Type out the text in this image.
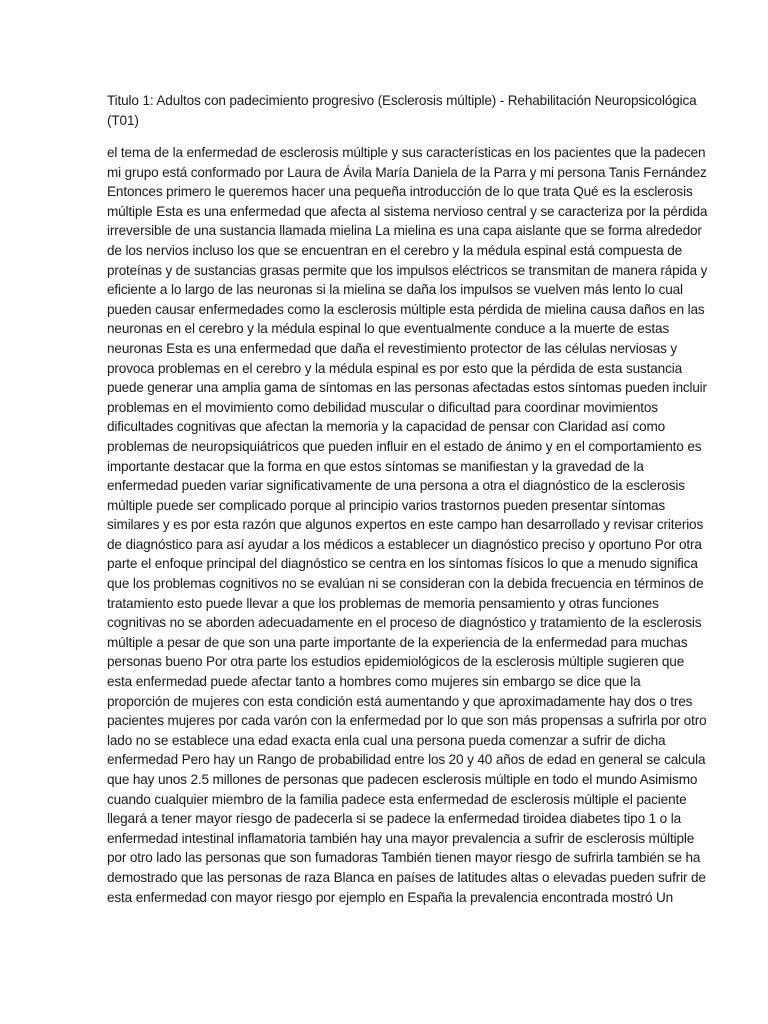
Titulo 1: Adultos con padecimiento progresivo (Esclerosis múltiple) - Rehabilitación Neuropsicológica
(T01)
el tema de la enfermedad de esclerosis múltiple y sus características en los pacientes que la padecen
mi grupo está conformado por Laura de Ávila María Daniela de la Parra y mi persona Tanis Fernández
Entonces primero le queremos hacer una pequeña introducción de lo que trata Qué es la esclerosis
múltiple Esta es una enfermedad que afecta al sistema nervioso central y se caracteriza por la pérdida
irreversible de una sustancia llamada mielina La mielina es una capa aislante que se forma alrededor
de los nervios incluso los que se encuentran en el cerebro y la médula espinal está compuesta de
proteínas y de sustancias grasas permite que los impulsos eléctricos se transmitan de manera rápida y
eficiente a lo largo de las neuronas si la mielina se daña los impulsos se vuelven más lento lo cual
pueden causar enfermedades como la esclerosis múltiple esta pérdida de mielina causa daños en las
neuronas en el cerebro y la médula espinal lo que eventualmente conduce a la muerte de estas
neuronas Esta es una enfermedad que daña el revestimiento protector de las células nerviosas y
provoca problemas en el cerebro y la médula espinal es por esto que la pérdida de esta sustancia
puede generar una amplia gama de síntomas en las personas afectadas estos síntomas pueden incluir
problemas en el movimiento como debilidad muscular o dificultad para coordinar movimientos
dificultades cognitivas que afectan la memoria y la capacidad de pensar con Claridad así como
problemas de neuropsiquiátricos que pueden influir en el estado de ánimo y en el comportamiento es
importante destacar que la forma en que estos síntomas se manifiestan y la gravedad de la
enfermedad pueden variar significativamente de una persona a otra el diagnóstico de la esclerosis
múltiple puede ser complicado porque al principio varios trastornos pueden presentar síntomas
similares y es por esta razón que algunos expertos en este campo han desarrollado y revisar criterios
de diagnóstico para así ayudar a los médicos a establecer un diagnóstico preciso y oportuno Por otra
parte el enfoque principal del diagnóstico se centra en los síntomas físicos lo que a menudo significa
que los problemas cognitivos no se evalúan ni se consideran con la debida frecuencia en términos de
tratamiento esto puede llevar a que los problemas de memoria pensamiento y otras funciones
cognitivas no se aborden adecuadamente en el proceso de diagnóstico y tratamiento de la esclerosis
múltiple a pesar de que son una parte importante de la experiencia de la enfermedad para muchas
personas bueno Por otra parte los estudios epidemiológicos de la esclerosis múltiple sugieren que
esta enfermedad puede afectar tanto a hombres como mujeres sin embargo se dice que la
proporción de mujeres con esta condición está aumentando y que aproximadamente hay dos o tres
pacientes mujeres por cada varón con la enfermedad por lo que son más propensas a sufrirla por otro
lado no se establece una edad exacta enla cual una persona pueda comenzar a sufrir de dicha
enfermedad Pero hay un Rango de probabilidad entre los 20 y 40 años de edad en general se calcula
que hay unos 2.5 millones de personas que padecen esclerosis múltiple en todo el mundo Asimismo
cuando cualquier miembro de la familia padece esta enfermedad de esclerosis múltiple el paciente
llegará a tener mayor riesgo de padecerla si se padece la enfermedad tiroidea diabetes tipo 1 o la
enfermedad intestinal inflamatoria también hay una mayor prevalencia a sufrir de esclerosis múltiple
por otro lado las personas que son fumadoras También tienen mayor riesgo de sufrirla también se ha
demostrado que las personas de raza Blanca en países de latitudes altas o elevadas pueden sufrir de
esta enfermedad con mayor riesgo por ejemplo en España la prevalencia encontrada mostró Un
